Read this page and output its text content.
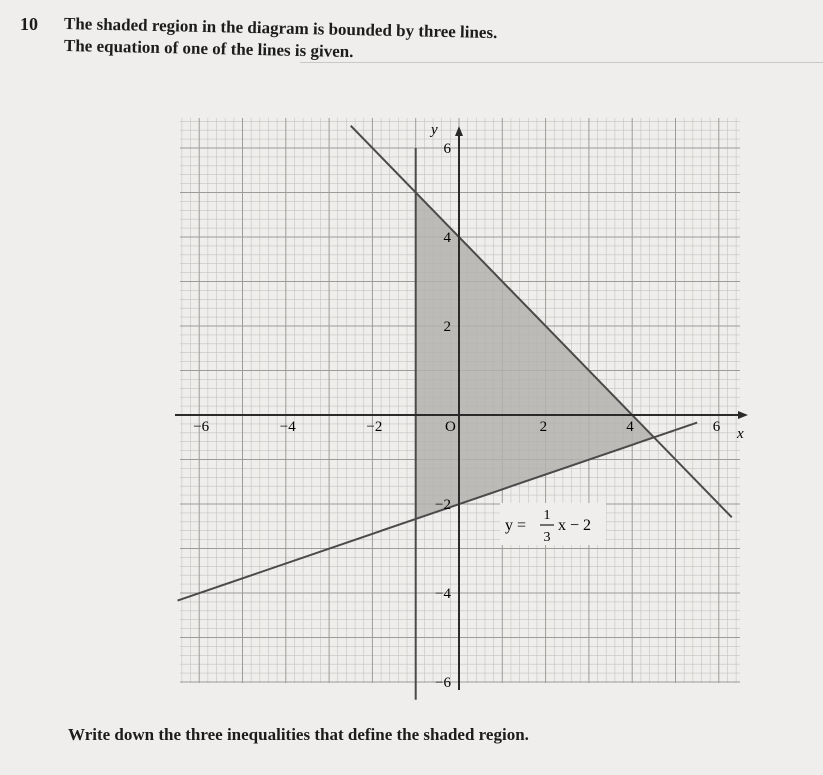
10 The shaded region in the diagram is bounded by three lines.
The equation of one of the lines is given.
x
y
−6	−4	−2	O	2	4	6
6
4
2
−2
−4
−6
y =
1
3
x − 2
Write down the three inequalities that define the shaded region.
